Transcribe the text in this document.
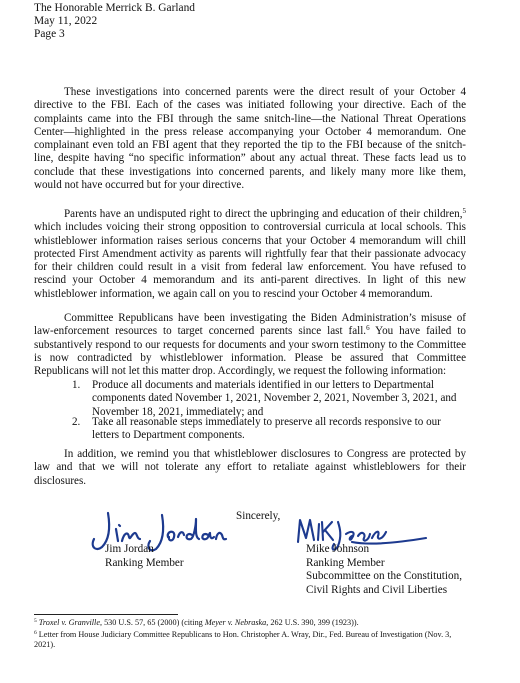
The Honorable Merrick B. Garland
May 11, 2022
Page 3

These investigations into concerned parents were the direct result of your October 4 directive to the FBI. Each of the cases was initiated following your directive. Each of the complaints came into the FBI through the same snitch-line—the National Threat Operations Center—highlighted in the press release accompanying your October 4 memorandum. One complainant even told an FBI agent that they reported the tip to the FBI because of the snitch-line, despite having “no specific information” about any actual threat. These facts lead us to conclude that these investigations into concerned parents, and likely many more like them, would not have occurred but for your directive.

Parents have an undisputed right to direct the upbringing and education of their children,$^5$ which includes voicing their strong opposition to controversial curricula at local schools. This whistleblower information raises serious concerns that your October 4 memorandum will chill protected First Amendment activity as parents will rightfully fear that their passionate advocacy for their children could result in a visit from federal law enforcement. You have refused to rescind your October 4 memorandum and its anti-parent directives. In light of this new whistleblower information, we again call on you to rescind your October 4 memorandum.

Committee Republicans have been investigating the Biden Administration’s misuse of law-enforcement resources to target concerned parents since last fall.$^6$ You have failed to substantively respond to our requests for documents and your sworn testimony to the Committee is now contradicted by whistleblower information. Please be assured that Committee Republicans will not let this matter drop. Accordingly, we request the following information:

1. Produce all documents and materials identified in our letters to Departmental components dated November 1, 2021, November 2, 2021, November 3, 2021, and November 18, 2021, immediately; and
2. Take all reasonable steps immediately to preserve all records responsive to our letters to Department components.

In addition, we remind you that whistleblower disclosures to Congress are protected by law and that we will not tolerate any effort to retaliate against whistleblowers for their disclosures.

Sincerely,
Jim Jordan
Ranking Member
Mike Johnson
Ranking Member
Subcommittee on the Constitution,
Civil Rights and Civil Liberties
$^5$ Troxel v. Granville, 530 U.S. 57, 65 (2000) (citing Meyer v. Nebraska, 262 U.S. 390, 399 (1923)).
$^6$ Letter from House Judiciary Committee Republicans to Hon. Christopher A. Wray, Dir., Fed. Bureau of Investigation (Nov. 3, 2021).
